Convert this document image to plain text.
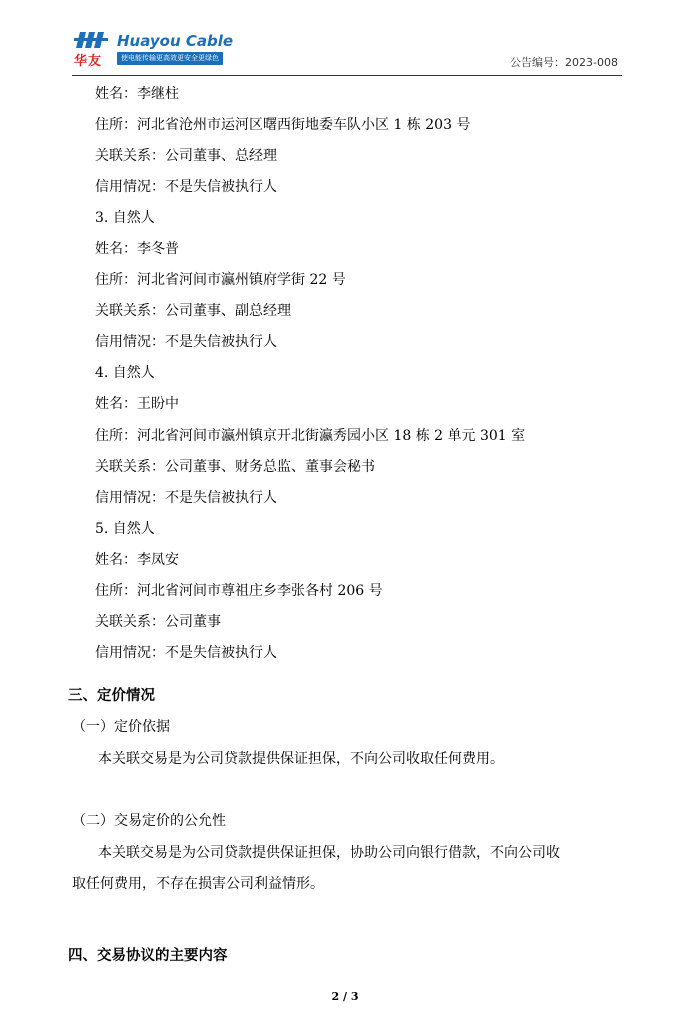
华友
Huayou Cable
使电能传输更高效更安全更绿色	公告编号：2023-008
姓名：李继柱
住所：河北省沧州市运河区曙西街地委车队小区 1 栋 203 号
关联关系：公司董事、总经理
信用情况：不是失信被执行人
3. 自然人
姓名：李冬普
住所：河北省河间市瀛州镇府学街 22 号
关联关系：公司董事、副总经理
信用情况：不是失信被执行人
4. 自然人
姓名：王盼中
住所：河北省河间市瀛州镇京开北街瀛秀园小区 18 栋 2 单元 301 室
关联关系：公司董事、财务总监、董事会秘书
信用情况：不是失信被执行人
5. 自然人
姓名：李凤安
住所：河北省河间市尊祖庄乡李张各村 206 号
关联关系：公司董事
信用情况：不是失信被执行人
三、定价情况
（一）定价依据
本关联交易是为公司贷款提供保证担保，不向公司收取任何费用。
（二）交易定价的公允性
本关联交易是为公司贷款提供保证担保，协助公司向银行借款，不向公司收
取任何费用，不存在损害公司利益情形。
四、交易协议的主要内容
2 / 3
